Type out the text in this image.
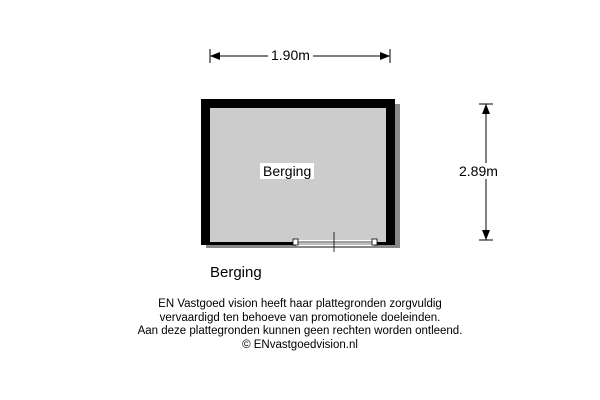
1.90m
2.89m
Berging
Berging
EN Vastgoed vision heeft haar plattegronden zorgvuldig
vervaardigd ten behoeve van promotionele doeleinden.
Aan deze plattegronden kunnen geen rechten worden ontleend.
© ENvastgoedvision.nl
